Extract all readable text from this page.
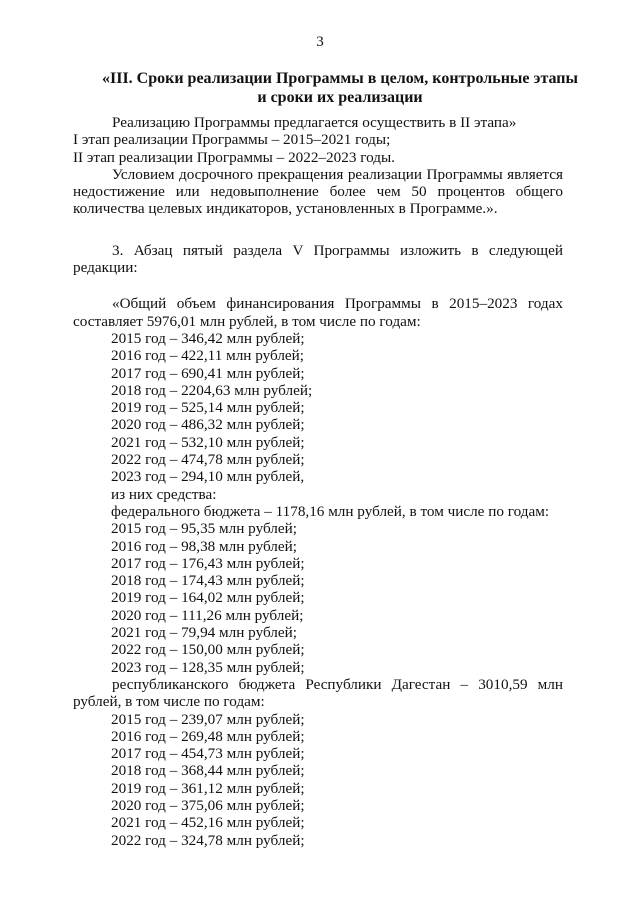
3
«III. Сроки реализации Программы в целом, контрольные этапы
и сроки их реализации

Реализацию Программы предлагается осуществить в II этапа»

I этап реализации Программы – 2015–2021 годы;

II этап реализации Программы – 2022–2023 годы.

Условием досрочного прекращения реализации Программы является

недостижение или недовыполнение более чем 50 процентов общего

количества целевых индикаторов, установленных в Программе.».

3. Абзац пятый раздела V Программы изложить в следующей

редакции:

«Общий объем финансирования Программы в 2015–2023 годах

составляет 5976,01 млн рублей, в том числе по годам:

2015 год – 346,42 млн рублей;

2016 год – 422,11 млн рублей;

2017 год – 690,41 млн рублей;

2018 год – 2204,63 млн рублей;

2019 год – 525,14 млн рублей;

2020 год – 486,32 млн рублей;

2021 год – 532,10 млн рублей;

2022 год – 474,78 млн рублей;

2023 год – 294,10 млн рублей,

из них средства:

федерального бюджета – 1178,16 млн рублей, в том числе по годам:

2015 год – 95,35 млн рублей;

2016 год – 98,38 млн рублей;

2017 год – 176,43 млн рублей;

2018 год – 174,43 млн рублей;

2019 год – 164,02 млн рублей;

2020 год – 111,26 млн рублей;

2021 год – 79,94 млн рублей;

2022 год – 150,00 млн рублей;

2023 год – 128,35 млн рублей;

республиканского бюджета Республики Дагестан – 3010,59 млн

рублей, в том числе по годам:

2015 год – 239,07 млн рублей;

2016 год – 269,48 млн рублей;

2017 год – 454,73 млн рублей;

2018 год – 368,44 млн рублей;

2019 год – 361,12 млн рублей;

2020 год – 375,06 млн рублей;

2021 год – 452,16 млн рублей;

2022 год – 324,78 млн рублей;
